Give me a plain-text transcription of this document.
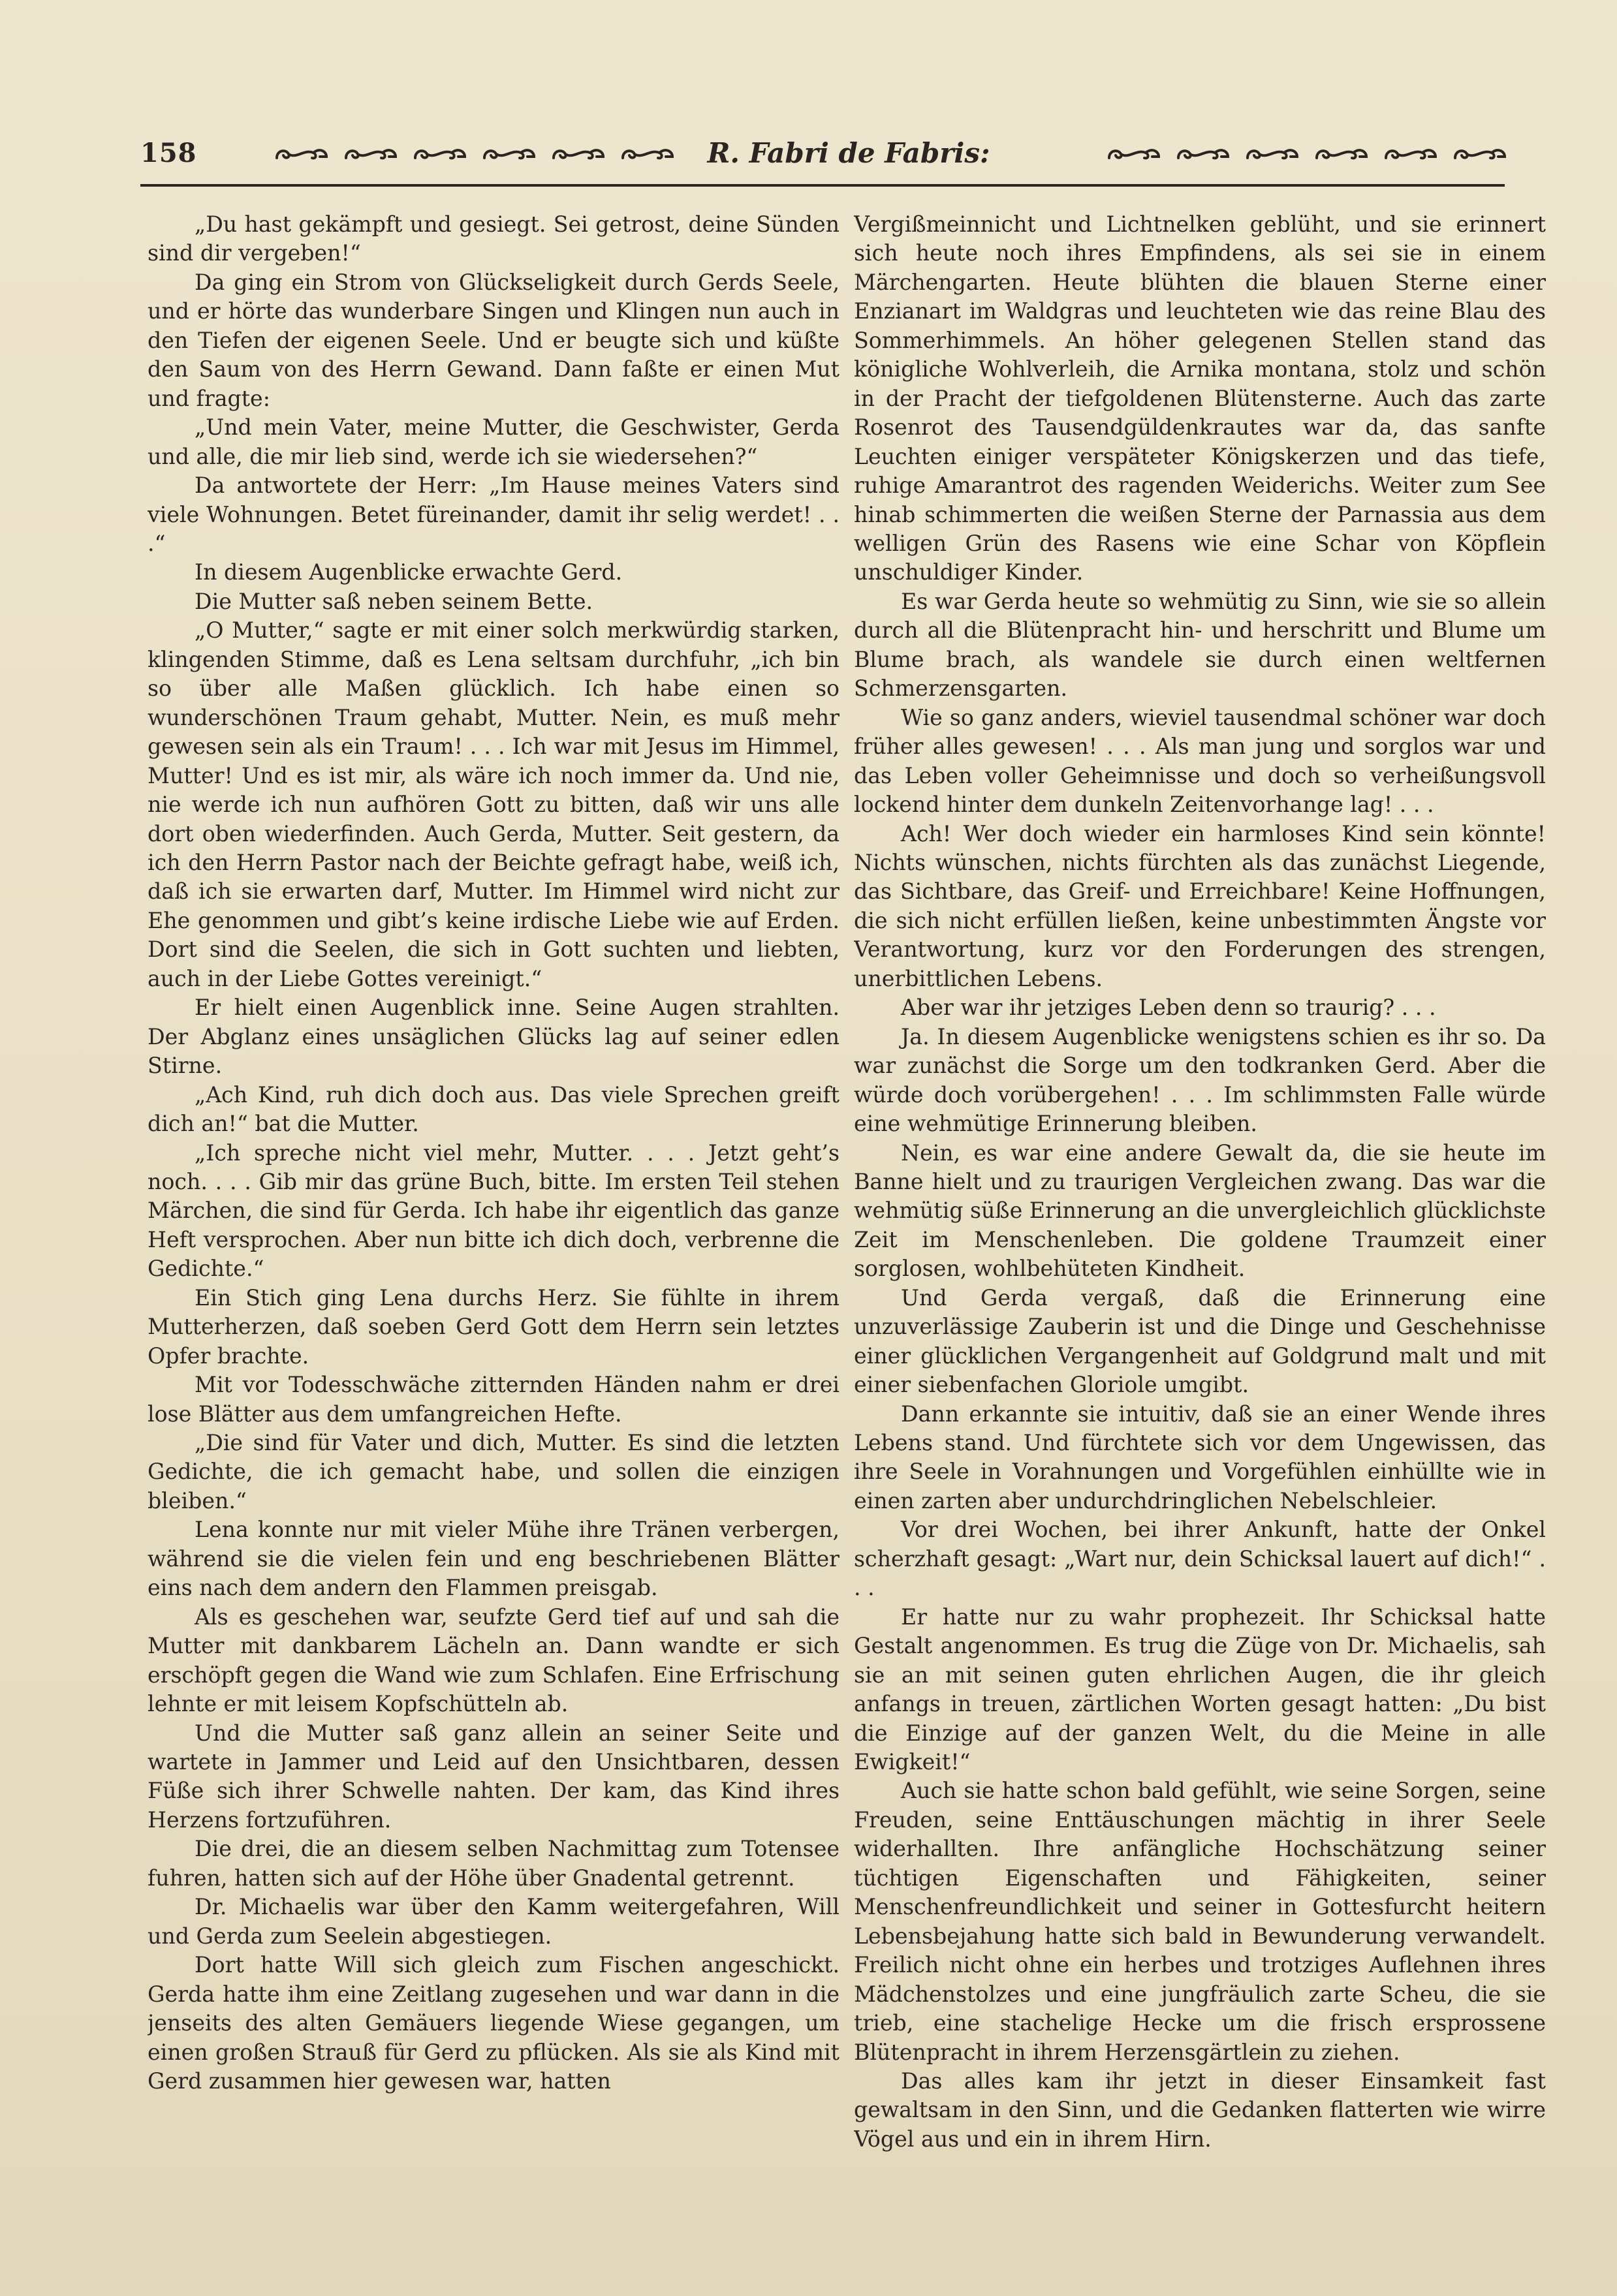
158	R. Fabri de Fabris:

„Du hast gekämpft und gesiegt. Sei getrost, deine Sünden sind dir vergeben!“

Da ging ein Strom von Glückseligkeit durch Gerds Seele, und er hörte das wunderbare Singen und Klingen nun auch in den Tiefen der eigenen Seele. Und er beugte sich und küßte den Saum von des Herrn Gewand. Dann faßte er einen Mut und fragte:

„Und mein Vater, meine Mutter, die Geschwister, Gerda und alle, die mir lieb sind, werde ich sie wiedersehen?“

Da antwortete der Herr: „Im Hause meines Vaters sind viele Wohnungen. Betet füreinander, damit ihr selig werdet! . . .“

In diesem Augenblicke erwachte Gerd.

Die Mutter saß neben seinem Bette.

„O Mutter,“ sagte er mit einer solch merkwürdig starken, klingenden Stimme, daß es Lena seltsam durchfuhr, „ich bin so über alle Maßen glücklich. Ich habe einen so wunderschönen Traum gehabt, Mutter. Nein, es muß mehr gewesen sein als ein Traum! . . . Ich war mit Jesus im Himmel, Mutter! Und es ist mir, als wäre ich noch immer da. Und nie, nie werde ich nun aufhören Gott zu bitten, daß wir uns alle dort oben wiederfinden. Auch Gerda, Mutter. Seit gestern, da ich den Herrn Pastor nach der Beichte gefragt habe, weiß ich, daß ich sie erwarten darf, Mutter. Im Himmel wird nicht zur Ehe genommen und gibt’s keine irdische Liebe wie auf Erden. Dort sind die Seelen, die sich in Gott suchten und liebten, auch in der Liebe Gottes vereinigt.“

Er hielt einen Augenblick inne. Seine Augen strahlten. Der Abglanz eines unsäglichen Glücks lag auf seiner edlen Stirne.

„Ach Kind, ruh dich doch aus. Das viele Sprechen greift dich an!“ bat die Mutter.

„Ich spreche nicht viel mehr, Mutter. . . . Jetzt geht’s noch. . . . Gib mir das grüne Buch, bitte. Im ersten Teil stehen Märchen, die sind für Gerda. Ich habe ihr eigentlich das ganze Heft versprochen. Aber nun bitte ich dich doch, verbrenne die Gedichte.“

Ein Stich ging Lena durchs Herz. Sie fühlte in ihrem Mutterherzen, daß soeben Gerd Gott dem Herrn sein letztes Opfer brachte.

Mit vor Todesschwäche zitternden Händen nahm er drei lose Blätter aus dem umfangreichen Hefte.

„Die sind für Vater und dich, Mutter. Es sind die letzten Gedichte, die ich gemacht habe, und sollen die einzigen bleiben.“

Lena konnte nur mit vieler Mühe ihre Tränen verbergen, während sie die vielen fein und eng beschriebenen Blätter eins nach dem andern den Flammen preisgab.

Als es geschehen war, seufzte Gerd tief auf und sah die Mutter mit dankbarem Lächeln an. Dann wandte er sich erschöpft gegen die Wand wie zum Schlafen. Eine Erfrischung lehnte er mit leisem Kopfschütteln ab.

Und die Mutter saß ganz allein an seiner Seite und wartete in Jammer und Leid auf den Unsichtbaren, dessen Füße sich ihrer Schwelle nahten. Der kam, das Kind ihres Herzens fortzuführen.

Die drei, die an diesem selben Nachmittag zum Totensee fuhren, hatten sich auf der Höhe über Gnadental getrennt.

Dr. Michaelis war über den Kamm weitergefahren, Will und Gerda zum Seelein abgestiegen.

Dort hatte Will sich gleich zum Fischen angeschickt. Gerda hatte ihm eine Zeitlang zugesehen und war dann in die jenseits des alten Gemäuers liegende Wiese gegangen, um einen großen Strauß für Gerd zu pflücken. Als sie als Kind mit Gerd zusammen hier gewesen war, hatten

Vergißmeinnicht und Lichtnelken geblüht, und sie erinnert sich heute noch ihres Empfindens, als sei sie in einem Märchengarten. Heute blühten die blauen Sterne einer Enzianart im Waldgras und leuchteten wie das reine Blau des Sommerhimmels. An höher gelegenen Stellen stand das königliche Wohlverleih, die Arnika montana, stolz und schön in der Pracht der tiefgoldenen Blütensterne. Auch das zarte Rosenrot des Tausendgüldenkrautes war da, das sanfte Leuchten einiger verspäteter Königskerzen und das tiefe, ruhige Amarantrot des ragenden Weiderichs. Weiter zum See hinab schimmerten die weißen Sterne der Parnassia aus dem welligen Grün des Rasens wie eine Schar von Köpflein unschuldiger Kinder.

Es war Gerda heute so wehmütig zu Sinn, wie sie so allein durch all die Blütenpracht hin- und herschritt und Blume um Blume brach, als wandele sie durch einen weltfernen Schmerzensgarten.

Wie so ganz anders, wieviel tausendmal schöner war doch früher alles gewesen! . . . Als man jung und sorglos war und das Leben voller Geheimnisse und doch so verheißungsvoll lockend hinter dem dunkeln Zeitenvorhange lag! . . .

Ach! Wer doch wieder ein harmloses Kind sein könnte! Nichts wünschen, nichts fürchten als das zunächst Liegende, das Sichtbare, das Greif- und Erreichbare! Keine Hoffnungen, die sich nicht erfüllen ließen, keine unbestimmten Ängste vor Verantwortung, kurz vor den Forderungen des strengen, unerbittlichen Lebens.

Aber war ihr jetziges Leben denn so traurig? . . .

Ja. In diesem Augenblicke wenigstens schien es ihr so. Da war zunächst die Sorge um den todkranken Gerd. Aber die würde doch vorübergehen! . . . Im schlimmsten Falle würde eine wehmütige Erinnerung bleiben.

Nein, es war eine andere Gewalt da, die sie heute im Banne hielt und zu traurigen Vergleichen zwang. Das war die wehmütig süße Erinnerung an die unvergleichlich glücklichste Zeit im Menschenleben. Die goldene Traumzeit einer sorglosen, wohlbehüteten Kindheit.

Und Gerda vergaß, daß die Erinnerung eine unzuverlässige Zauberin ist und die Dinge und Geschehnisse einer glücklichen Vergangenheit auf Goldgrund malt und mit einer siebenfachen Gloriole umgibt.

Dann erkannte sie intuitiv, daß sie an einer Wende ihres Lebens stand. Und fürchtete sich vor dem Ungewissen, das ihre Seele in Vorahnungen und Vorgefühlen einhüllte wie in einen zarten aber undurchdringlichen Nebelschleier.

Vor drei Wochen, bei ihrer Ankunft, hatte der Onkel scherzhaft gesagt: „Wart nur, dein Schicksal lauert auf dich!“ . . .

Er hatte nur zu wahr prophezeit. Ihr Schicksal hatte Gestalt angenommen. Es trug die Züge von Dr. Michaelis, sah sie an mit seinen guten ehrlichen Augen, die ihr gleich anfangs in treuen, zärtlichen Worten gesagt hatten: „Du bist die Einzige auf der ganzen Welt, du die Meine in alle Ewigkeit!“

Auch sie hatte schon bald gefühlt, wie seine Sorgen, seine Freuden, seine Enttäuschungen mächtig in ihrer Seele widerhallten. Ihre anfängliche Hochschätzung seiner tüchtigen Eigenschaften und Fähigkeiten, seiner Menschenfreundlichkeit und seiner in Gottesfurcht heitern Lebensbejahung hatte sich bald in Bewunderung verwandelt. Freilich nicht ohne ein herbes und trotziges Auflehnen ihres Mädchenstolzes und eine jungfräulich zarte Scheu, die sie trieb, eine stachelige Hecke um die frisch ersprossene Blütenpracht in ihrem Herzensgärtlein zu ziehen.

Das alles kam ihr jetzt in dieser Einsamkeit fast gewaltsam in den Sinn, und die Gedanken flatterten wie wirre Vögel aus und ein in ihrem Hirn.
